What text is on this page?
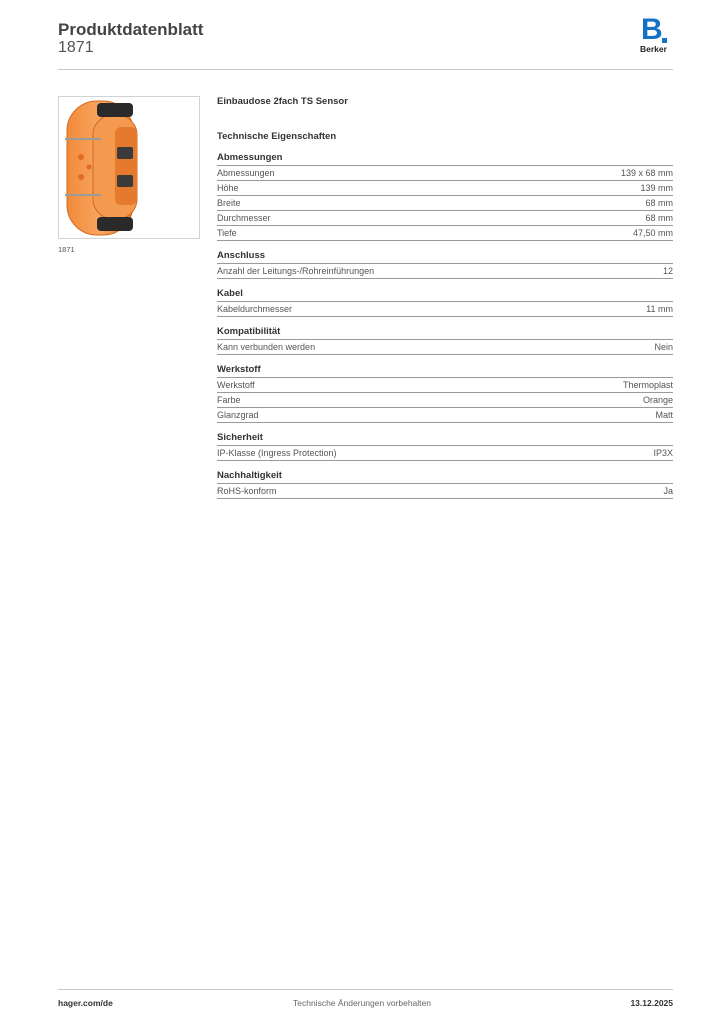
Produktdatenblatt
1871
B
Berker
1871
Einbaudose 2fach TS Sensor
Technische Eigenschaften
Abmessungen
Abmessungen	139 x 68 mm
Höhe	139 mm
Breite	68 mm
Durchmesser	68 mm
Tiefe	47,50 mm
Anschluss
Anzahl der Leitungs-/Rohreinführungen	12
Kabel
Kabeldurchmesser	11 mm
Kompatibilität
Kann verbunden werden	Nein
Werkstoff
Werkstoff	Thermoplast
Farbe	Orange
Glanzgrad	Matt
Sicherheit
IP-Klasse (Ingress Protection)	IP3X
Nachhaltigkeit
RoHS-konform	Ja
Technische Änderungen vorbehalten
hager.com/de	13.12.2025
